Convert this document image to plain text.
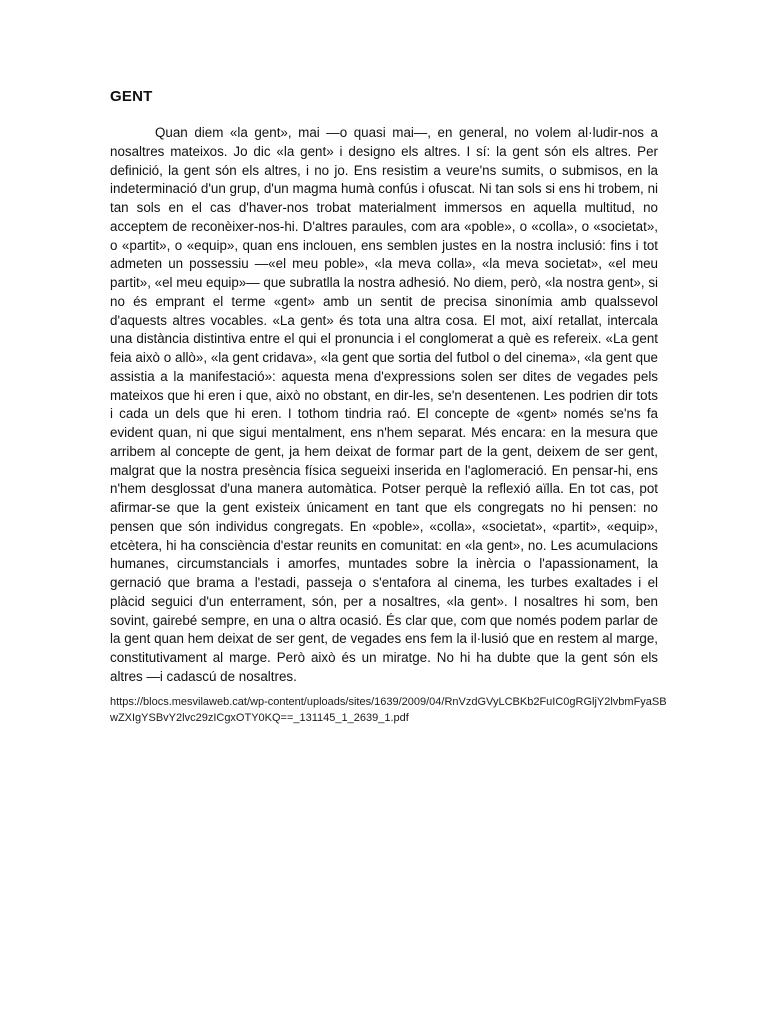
GENT

Quan diem «la gent», mai —o quasi mai—, en general, no volem al·ludir-nos a nosaltres mateixos. Jo dic «la gent» i designo els altres. I sí: la gent són els altres. Per definició, la gent són els altres, i no jo. Ens resistim a veure'ns sumits, o submisos, en la indeterminació d'un grup, d'un magma humà confús i ofuscat. Ni tan sols si ens hi trobem, ni tan sols en el cas d'haver-nos trobat materialment immersos en aquella multitud, no acceptem de reconèixer-nos-hi. D'altres paraules, com ara «poble», o «colla», o «societat», o «partit», o «equip», quan ens inclouen, ens semblen justes en la nostra inclusió: fins i tot admeten un possessiu —«el meu poble», «la meva colla», «la meva societat», «el meu partit», «el meu equip»— que subratlla la nostra adhesió. No diem, però, «la nostra gent», si no és emprant el terme «gent» amb un sentit de precisa sinonímia amb qualssevol d'aquests altres vocables. «La gent» és tota una altra cosa. El mot, així retallat, intercala una distància distintiva entre el qui el pronuncia i el conglomerat a què es refereix. «La gent feia això o allò», «la gent cridava», «la gent que sortia del futbol o del cinema», «la gent que assistia a la manifestació»: aquesta mena d'expressions solen ser dites de vegades pels mateixos que hi eren i que, això no obstant, en dir-les, se'n desentenen. Les podrien dir tots i cada un dels que hi eren. I tothom tindria raó. El concepte de «gent» només se'ns fa evident quan, ni que sigui mentalment, ens n'hem separat. Més encara: en la mesura que arribem al concepte de gent, ja hem deixat de formar part de la gent, deixem de ser gent, malgrat que la nostra presència física segueixi inserida en l'aglomeració. En pensar-hi, ens n'hem desglossat d'una manera automàtica. Potser perquè la reflexió aïlla. En tot cas, pot afirmar-se que la gent existeix únicament en tant que els congregats no hi pensen: no pensen que són individus congregats. En «poble», «colla», «societat», «partit», «equip», etcètera, hi ha consciència d'estar reunits en comunitat: en «la gent», no. Les acumulacions humanes, circumstancials i amorfes, muntades sobre la inèrcia o l'apassionament, la gernació que brama a l'estadi, passeja o s'entafora al cinema, les turbes exaltades i el plàcid seguici d'un enterrament, són, per a nosaltres, «la gent». I nosaltres hi som, ben sovint, gairebé sempre, en una o altra ocasió. És clar que, com que només podem parlar de la gent quan hem deixat de ser gent, de vegades ens fem la il·lusió que en restem al marge, constitutivament al marge. Però això és un miratge. No hi ha dubte que la gent són els altres —i cadascú de nosaltres.

https://blocs.mesvilaweb.cat/wp-content/uploads/sites/1639/2009/04/RnVzdGVyLCBKb2FuIC0gRGljY2lvbmFyaSBwZXIgYSBvY2lvc29zICgxOTY0KQ==_131145_1_2639_1.pdf
